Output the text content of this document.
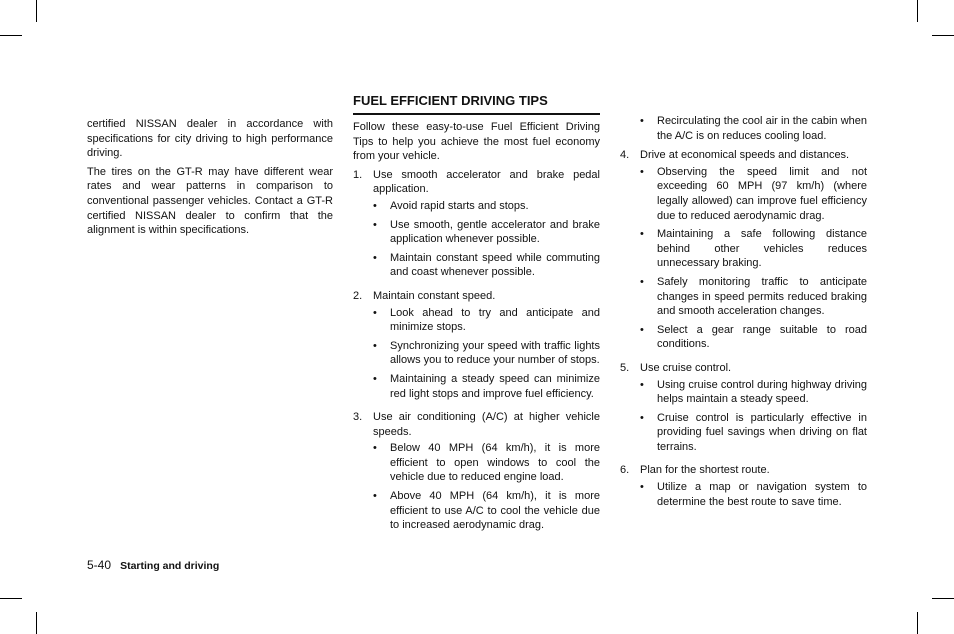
certified NISSAN dealer in accordance with specifications for city driving to high performance driving.

The tires on the GT-R may have different wear rates and wear patterns in comparison to conventional passenger vehicles. Contact a GT-R certified NISSAN dealer to confirm that the alignment is within specifications.

FUEL EFFICIENT DRIVING TIPS

Follow these easy-to-use Fuel Efficient Driving Tips to help you achieve the most fuel economy from your vehicle.

1. Use smooth accelerator and brake pedal application.
• Avoid rapid starts and stops.
• Use smooth, gentle accelerator and brake application whenever possible.
• Maintain constant speed while commuting and coast whenever possible.
2. Maintain constant speed.
• Look ahead to try and anticipate and minimize stops.
• Synchronizing your speed with traffic lights allows you to reduce your number of stops.
• Maintaining a steady speed can minimize red light stops and improve fuel efficiency.
3. Use air conditioning (A/C) at higher vehicle speeds.
• Below 40 MPH (64 km/h), it is more efficient to open windows to cool the vehicle due to reduced engine load.
• Above 40 MPH (64 km/h), it is more efficient to use A/C to cool the vehicle due to increased aerodynamic drag.
• Recirculating the cool air in the cabin when the A/C is on reduces cooling load.
4. Drive at economical speeds and distances.
• Observing the speed limit and not exceeding 60 MPH (97 km/h) (where legally allowed) can improve fuel efficiency due to reduced aerodynamic drag.
• Maintaining a safe following distance behind other vehicles reduces unnecessary braking.
• Safely monitoring traffic to anticipate changes in speed permits reduced braking and smooth acceleration changes.
• Select a gear range suitable to road conditions.
5. Use cruise control.
• Using cruise control during highway driving helps maintain a steady speed.
• Cruise control is particularly effective in providing fuel savings when driving on flat terrains.
6. Plan for the shortest route.
• Utilize a map or navigation system to determine the best route to save time.
5-40 Starting and driving
